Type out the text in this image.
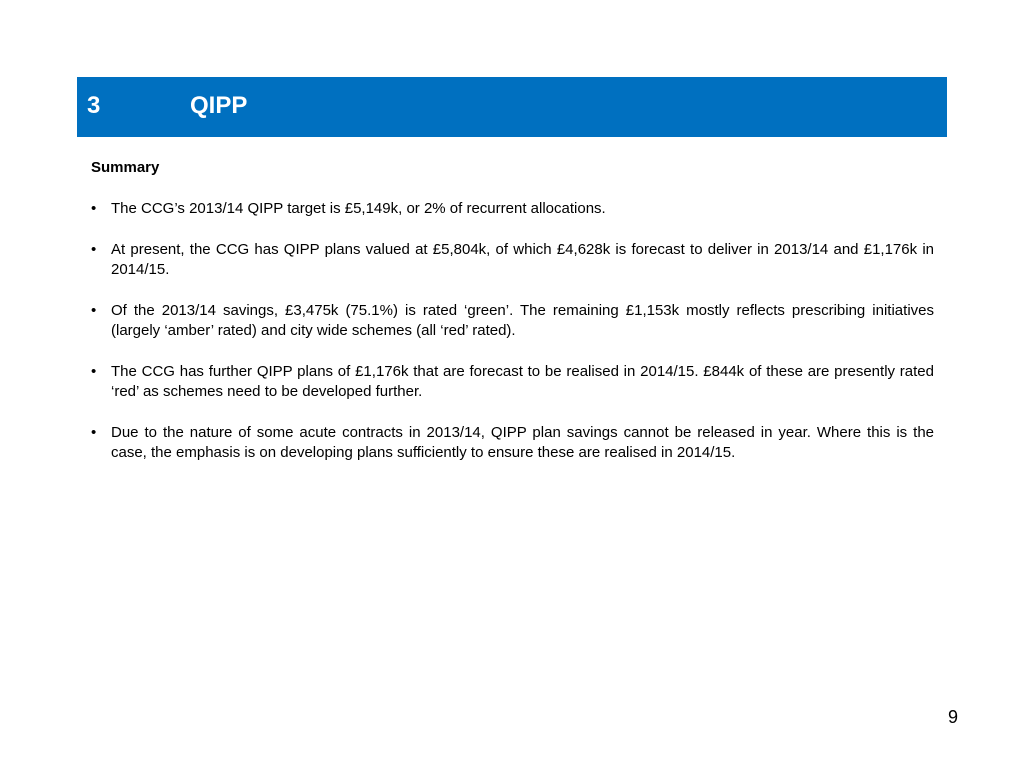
3	QIPP
Summary
• The CCG’s 2013/14 QIPP target is £5,149k, or 2% of recurrent allocations.
• At present, the CCG has QIPP plans valued at £5,804k, of which £4,628k is forecast to deliver in 2013/14 and £1,176k in 2014/15.
• Of the 2013/14 savings, £3,475k (75.1%) is rated ‘green’. The remaining £1,153k mostly reflects prescribing initiatives (largely ‘amber’ rated) and city wide schemes (all ‘red’ rated).
• The CCG has further QIPP plans of £1,176k that are forecast to be realised in 2014/15. £844k of these are presently rated ‘red’ as schemes need to be developed further.
• Due to the nature of some acute contracts in 2013/14, QIPP plan savings cannot be released in year. Where this is the case, the emphasis is on developing plans sufficiently to ensure these are realised in 2014/15.
9
